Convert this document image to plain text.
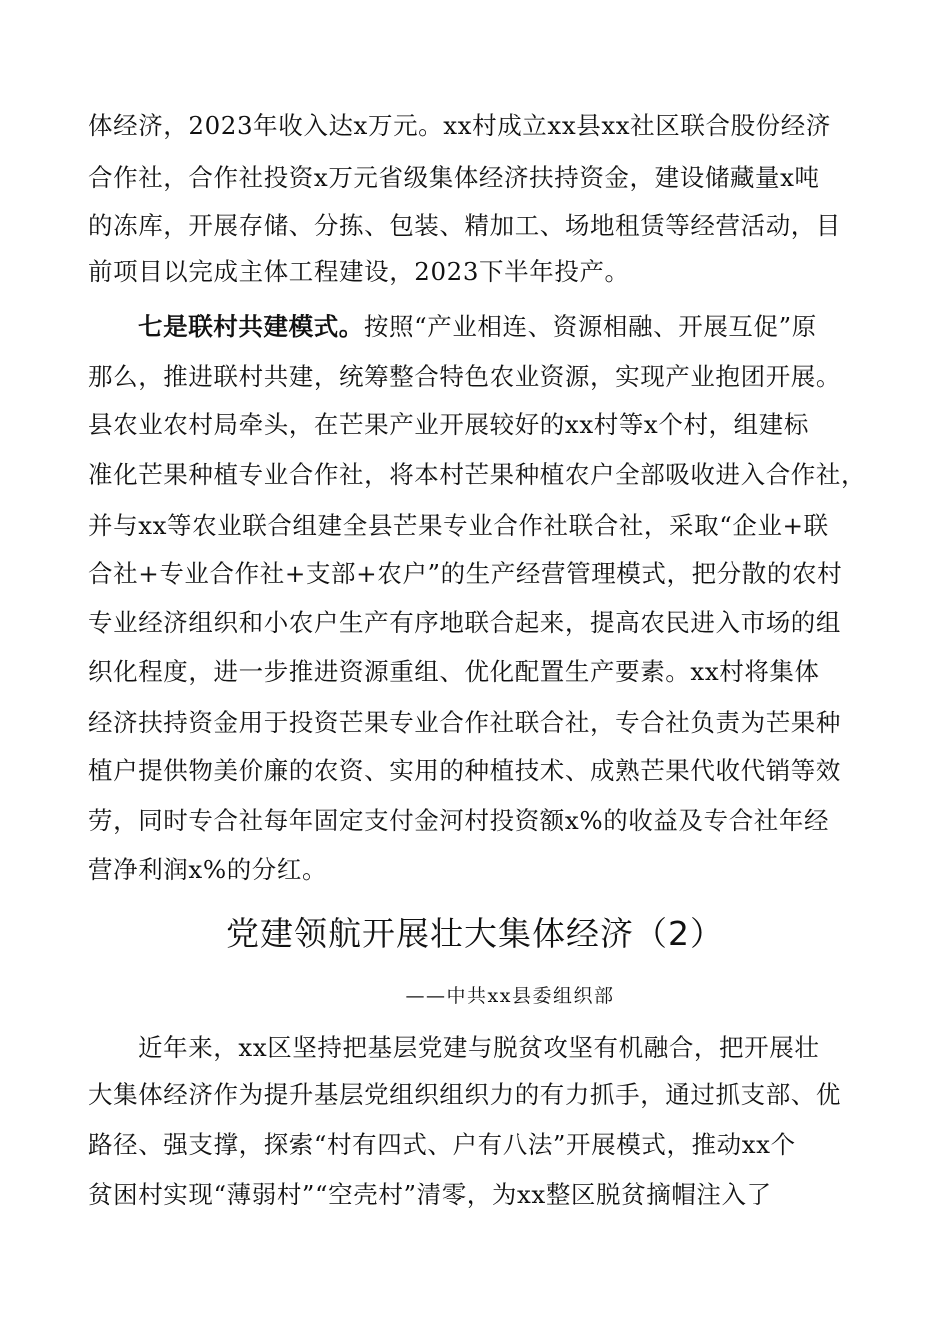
体经济，2023年收入达x万元。xx村成立xx县xx社区联合股份经济
合作社，合作社投资x万元省级集体经济扶持资金，建设储藏量x吨
的冻库，开展存储、分拣、包装、精加工、场地租赁等经营活动，目
前项目以完成主体工程建设，2023下半年投产。
七是联村共建模式。按照“产业相连、资源相融、开展互促”原
那么，推进联村共建，统筹整合特色农业资源，实现产业抱团开展。
县农业农村局牵头，在芒果产业开展较好的xx村等x个村，组建标
准化芒果种植专业合作社，将本村芒果种植农户全部吸收进入合作社，
并与xx等农业联合组建全县芒果专业合作社联合社，采取“企业+联
合社+专业合作社+支部+农户”的生产经营管理模式，把分散的农村
专业经济组织和小农户生产有序地联合起来，提高农民进入市场的组
织化程度，进一步推进资源重组、优化配置生产要素。xx村将集体
经济扶持资金用于投资芒果专业合作社联合社，专合社负责为芒果种
植户提供物美价廉的农资、实用的种植技术、成熟芒果代收代销等效
劳，同时专合社每年固定支付金河村投资额x%的收益及专合社年经
营净利润x%的分红。
党建领航开展壮大集体经济（2）
——中共xx县委组织部
近年来，xx区坚持把基层党建与脱贫攻坚有机融合，把开展壮
大集体经济作为提升基层党组织组织力的有力抓手，通过抓支部、优
路径、强支撑，探索“村有四式、户有八法”开展模式，推动xx个
贫困村实现“薄弱村”“空壳村”清零，为xx整区脱贫摘帽注入了
